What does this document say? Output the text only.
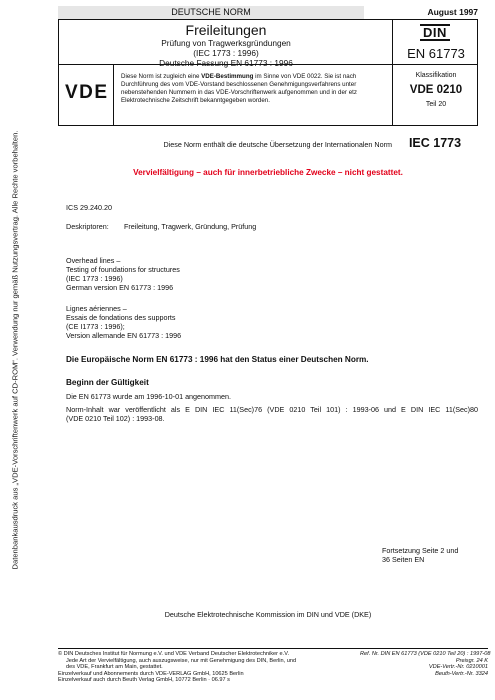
Datenbankausdruck aus „VDE-Vorschriftenwerk auf CD-ROM“. Verwendung nur gemäß Nutzungsvertrag. Alle Rechte vorbehalten.
DEUTSCHE NORM	August 1997
Freileitungen
Prüfung von Tragwerksgründungen
(IEC 1773 : 1996)
Deutsche Fassung EN 61773 : 1996
DIN
EN 61773
VDE
Diese Norm ist zugleich eine VDE-Bestimmung im Sinne von VDE 0022. Sie ist nach Durchführung des vom VDE-Vorstand beschlossenen Genehmigungsverfahrens unter nebenstehenden Nummern in das VDE-Vorschriftenwerk aufgenommen und in der etz Elektrotechnische Zeitschrift bekanntgegeben worden.
Klassifikation
VDE 0210
Teil 20
Diese Norm enthält die deutsche Übersetzung der Internationalen Norm	IEC 1773
Vervielfältigung – auch für innerbetriebliche Zwecke – nicht gestattet.
ICS 29.240.20
Deskriptoren: Freileitung, Tragwerk, Gründung, Prüfung
Overhead lines –
Testing of foundations for structures
(IEC 1773 : 1996)
German version EN 61773 : 1996
Lignes aériennes –
Essais de fondations des supports
(CE I1773 : 1996);
Version allemande EN 61773 : 1996
Die Europäische Norm EN 61773 : 1996 hat den Status einer Deutschen Norm.
Beginn der Gültigkeit
Die EN 61773 wurde am 1996-10-01 angenommen.
Norm-Inhalt war veröffentlicht als E DIN IEC 11(Sec)76 (VDE 0210 Teil 101) : 1993-06 und E DIN IEC 11(Sec)80
(VDE 0210 Teil 102) : 1993-08.
Fortsetzung Seite 2 und
36 Seiten EN
Deutsche Elektrotechnische Kommission im DIN und VDE (DKE)
© DIN Deutsches Institut für Normung e.V. und VDE Verband Deutscher Elektrotechniker e.V.
Jede Art der Vervielfältigung, auch auszugsweise, nur mit Genehmigung des DIN, Berlin, und
des VDE, Frankfurt am Main, gestattet.
Einzelverkauf und Abonnements durch VDE-VERLAG GmbH, 10625 Berlin
Einzelverkauf auch durch Beuth Verlag GmbH, 10772 Berlin · 06.97 s
Ref. Nr. DIN EN 61773 (VDE 0210 Teil 20) : 1997-08
Preisgr. 24 K
VDE-Vertr.-Nr. 0210001
Beuth-Vertr.-Nr. 3324
